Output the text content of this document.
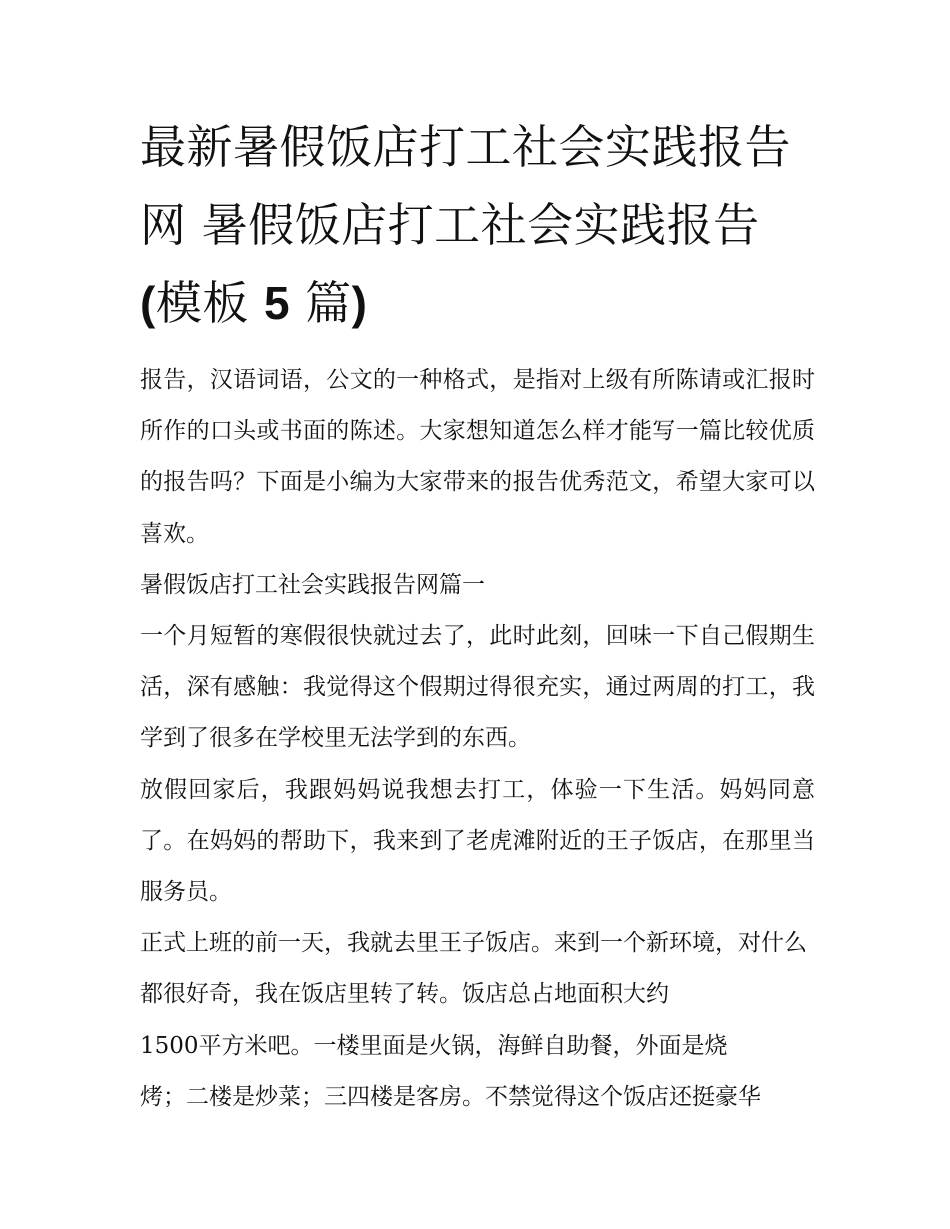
最新暑假饭店打工社会实践报告网 暑假饭店打工社会实践报告(模板 5 篇)

报告，汉语词语，公文的一种格式，是指对上级有所陈请或汇报时所作的口头或书面的陈述。大家想知道怎么样才能写一篇比较优质的报告吗？下面是小编为大家带来的报告优秀范文，希望大家可以喜欢。

暑假饭店打工社会实践报告网篇一

一个月短暂的寒假很快就过去了，此时此刻，回味一下自己假期生活，深有感触：我觉得这个假期过得很充实，通过两周的打工，我学到了很多在学校里无法学到的东西。

放假回家后，我跟妈妈说我想去打工，体验一下生活。妈妈同意了。在妈妈的帮助下，我来到了老虎滩附近的王子饭店，在那里当服务员。

正式上班的前一天，我就去里王子饭店。来到一个新环境，对什么都很好奇，我在饭店里转了转。饭店总占地面积大约
1500平方米吧。一楼里面是火锅，海鲜自助餐，外面是烧
烤；二楼是炒菜；三四楼是客房。不禁觉得这个饭店还挺豪华
